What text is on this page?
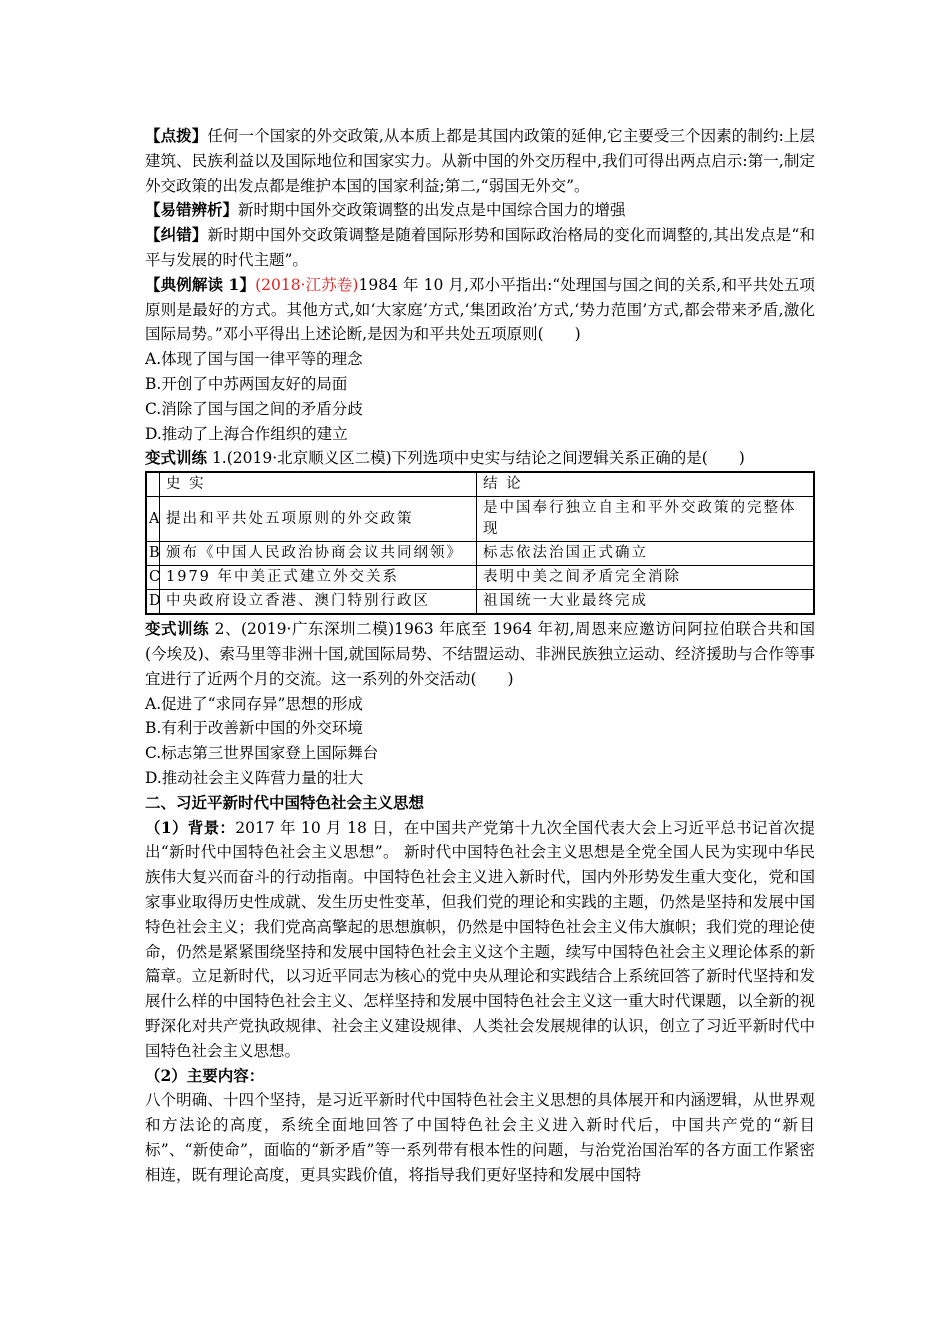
【点拨】任何一个国家的外交政策,从本质上都是其国内政策的延伸,它主要受三个因素的制约:上层建筑、民族利益以及国际地位和国家实力。从新中国的外交历程中,我们可得出两点启示:第一,制定外交政策的出发点都是维护本国的国家利益;第二,“弱国无外交”。

【易错辨析】新时期中国外交政策调整的出发点是中国综合国力的增强

【纠错】新时期中国外交政策调整是随着国际形势和国际政治格局的变化而调整的,其出发点是“和平与发展的时代主题”。

【典例解读 1】(2018·江苏卷)1984 年 10 月,邓小平指出:“处理国与国之间的关系,和平共处五项原则是最好的方式。其他方式,如‘大家庭’方式,‘集团政治’方式,‘势力范围’方式,都会带来矛盾,激化国际局势。”邓小平得出上述论断,是因为和平共处五项原则(　　)

A.体现了国与国一律平等的理念

B.开创了中苏两国友好的局面

C.消除了国与国之间的矛盾分歧

D.推动了上海合作组织的建立

变式训练 1.(2019·北京顺义区二模)下列选项中史实与结论之间逻辑关系正确的是(　　)

	史 实	结 论
A	提出和平共处五项原则的外交政策	是中国奉行独立自主和平外交政策的完整体现
B	颁布《中国人民政治协商会议共同纲领》	标志依法治国正式确立
C	1979 年中美正式建立外交关系	表明中美之间矛盾完全消除
D	中央政府设立香港、澳门特别行政区	祖国统一大业最终完成

变式训练 2、(2019·广东深圳二模)1963 年底至 1964 年初,周恩来应邀访问阿拉伯联合共和国(今埃及)、索马里等非洲十国,就国际局势、不结盟运动、非洲民族独立运动、经济援助与合作等事宜进行了近两个月的交流。这一系列的外交活动(　　)

A.促进了“求同存异”思想的形成

B.有利于改善新中国的外交环境

C.标志第三世界国家登上国际舞台

D.推动社会主义阵营力量的壮大

二、习近平新时代中国特色社会主义思想

（1）背景：2017 年 10 月 18 日，在中国共产党第十九次全国代表大会上习近平总书记首次提出“新时代中国特色社会主义思想”。 新时代中国特色社会主义思想是全党全国人民为实现中华民族伟大复兴而奋斗的行动指南。中国特色社会主义进入新时代，国内外形势发生重大变化，党和国家事业取得历史性成就、发生历史性变革，但我们党的理论和实践的主题，仍然是坚持和发展中国特色社会主义；我们党高高擎起的思想旗帜，仍然是中国特色社会主义伟大旗帜；我们党的理论使命，仍然是紧紧围绕坚持和发展中国特色社会主义这个主题，续写中国特色社会主义理论体系的新篇章。立足新时代，以习近平同志为核心的党中央从理论和实践结合上系统回答了新时代坚持和发展什么样的中国特色社会主义、怎样坚持和发展中国特色社会主义这一重大时代课题，以全新的视野深化对共产党执政规律、社会主义建设规律、人类社会发展规律的认识，创立了习近平新时代中国特色社会主义思想。

（2）主要内容：

八个明确、十四个坚持，是习近平新时代中国特色社会主义思想的具体展开和内涵逻辑，从世界观和方法论的高度，系统全面地回答了中国特色社会主义进入新时代后，中国共产党的“新目标”、“新使命”，面临的“新矛盾”等一系列带有根本性的问题，与治党治国治军的各方面工作紧密相连，既有理论高度，更具实践价值，将指导我们更好坚持和发展中国特
